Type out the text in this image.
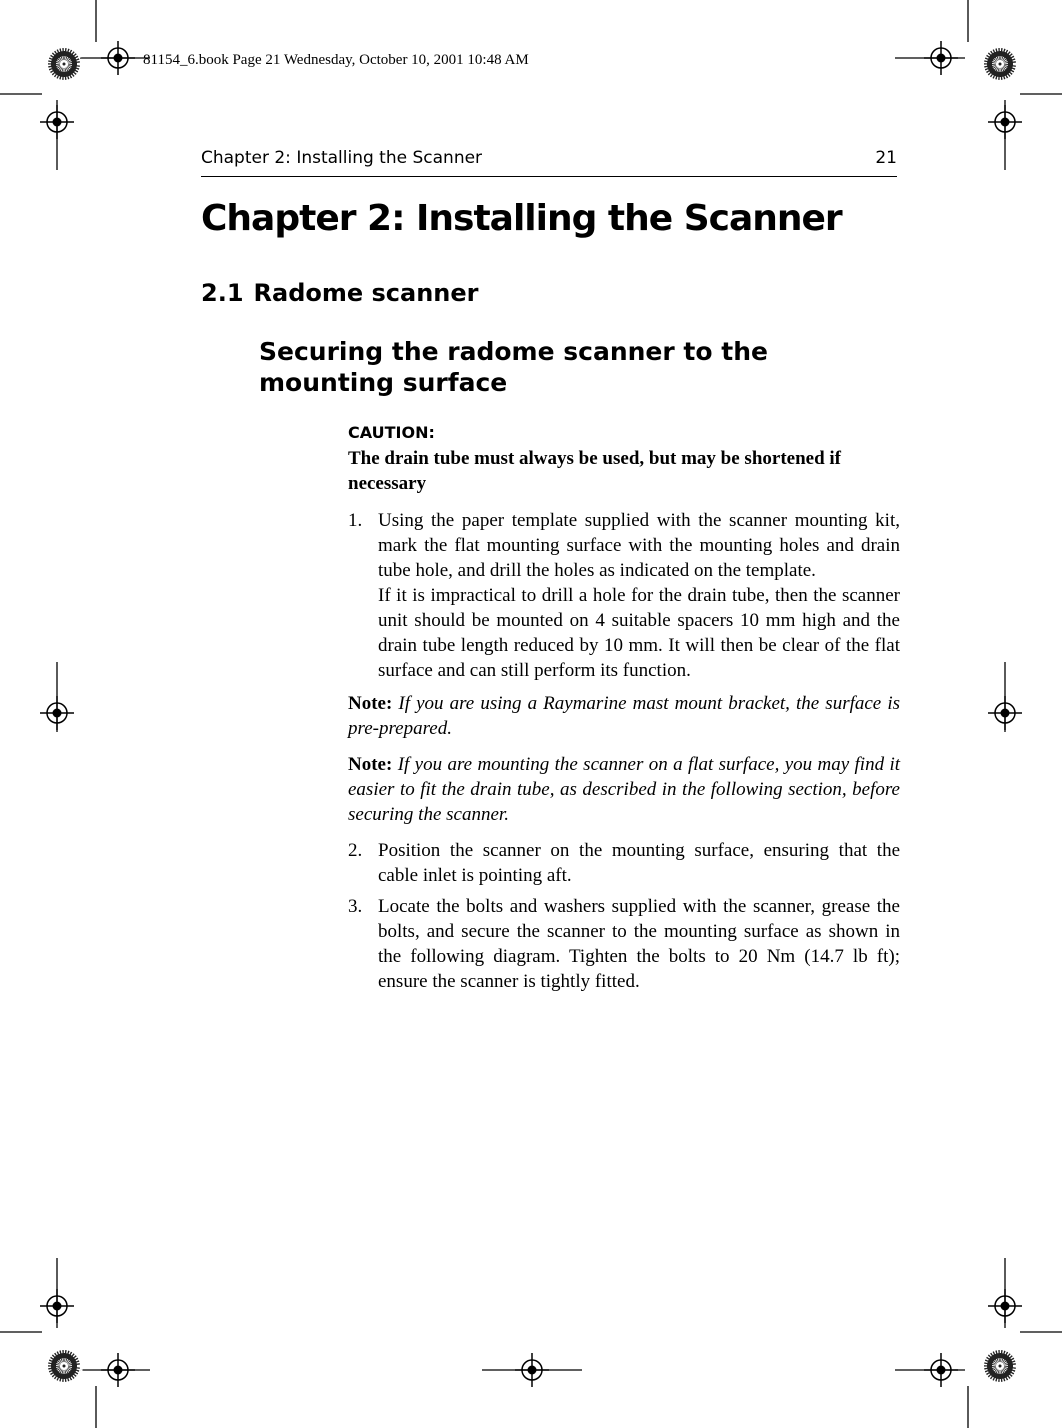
81154_6.book Page 21 Wednesday, October 10, 2001 10:48 AM
Chapter 2: Installing the Scanner	21
Chapter 2: Installing the Scanner
2.1 Radome scanner
Securing the radome scanner to the mounting surface
CAUTION:
The drain tube must always be used, but may be shortened if necessary
1. Using the paper template supplied with the scanner mounting kit, mark the flat mounting surface with the mounting holes and drain tube hole, and drill the holes as indicated on the template.
If it is impractical to drill a hole for the drain tube, then the scanner unit should be mounted on 4 suitable spacers 10 mm high and the drain tube length reduced by 10 mm. It will then be clear of the flat surface and can still perform its function.
Note: If you are using a Raymarine mast mount bracket, the surface is pre-prepared.
Note: If you are mounting the scanner on a flat surface, you may find it easier to fit the drain tube, as described in the following section, before securing the scanner.
2. Position the scanner on the mounting surface, ensuring that the cable inlet is pointing aft.
3. Locate the bolts and washers supplied with the scanner, grease the bolts, and secure the scanner to the mounting surface as shown in the following diagram. Tighten the bolts to 20 Nm (14.7 lb ft); ensure the scanner is tightly fitted.
